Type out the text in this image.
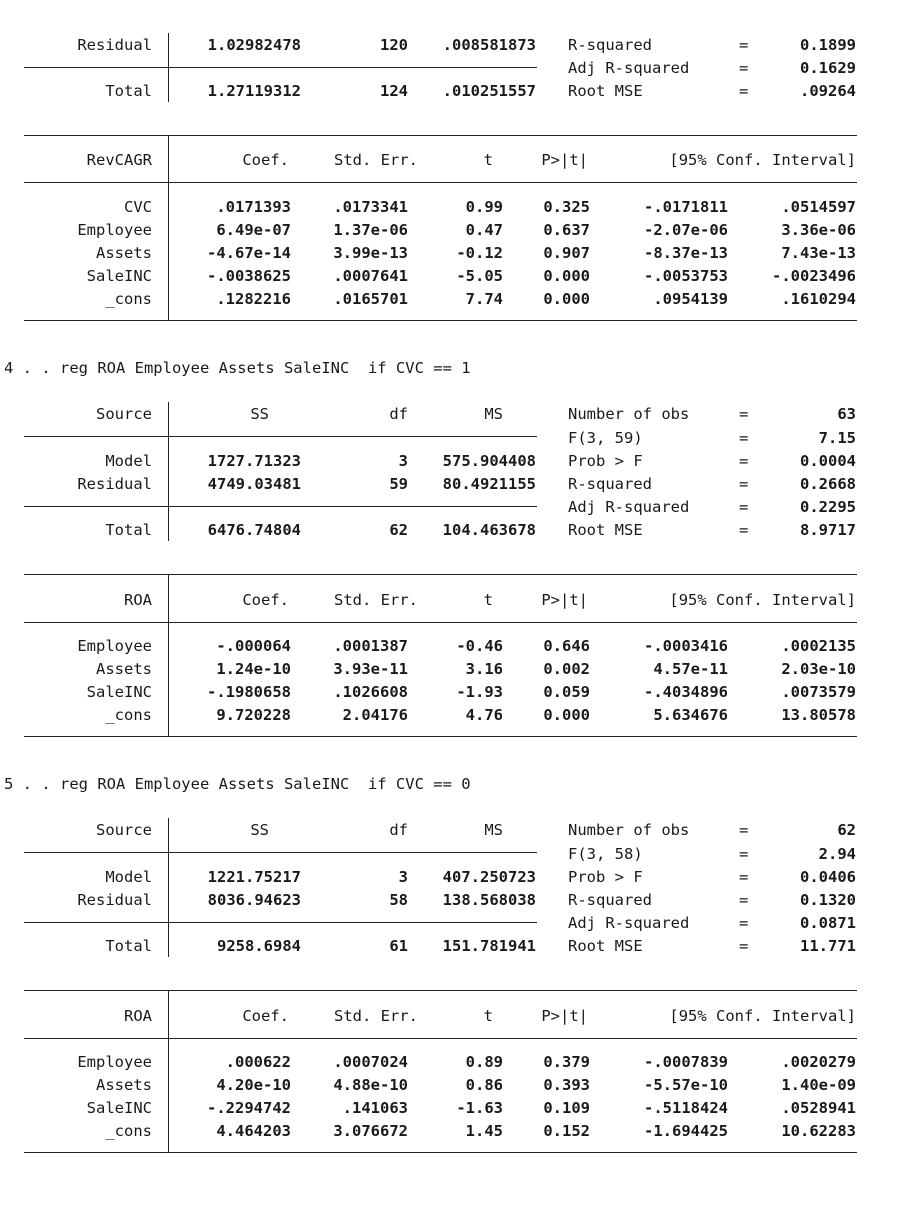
Residual	1.02982478	120	.008581873
Total	1.27119312	124	.010251557
R-squared	=	0.1899
Adj R-squared	=	0.1629
Root MSE	=	.09264
RevCAGR	Coef.	Std. Err.	t	P>|t|	[95% Conf. Interval]
CVC	.0171393	.0173341	0.99	0.325	-.0171811	.0514597
Employee	6.49e-07	1.37e-06	0.47	0.637	-2.07e-06	3.36e-06
Assets	-4.67e-14	3.99e-13	-0.12	0.907	-8.37e-13	7.43e-13
SaleINC	-.0038625	.0007641	-5.05	0.000	-.0053753	-.0023496
_cons	.1282216	.0165701	7.74	0.000	.0954139	.1610294
4 . . reg ROA Employee Assets SaleINC  if CVC == 1
Source	SS	df	MS
Model	1727.71323	3	575.904408
Residual	4749.03481	59	80.4921155
Total	6476.74804	62	104.463678
Number of obs	=	63
F(3, 59)	=	7.15
Prob > F	=	0.0004
R-squared	=	0.2668
Adj R-squared	=	0.2295
Root MSE	=	8.9717
ROA	Coef.	Std. Err.	t	P>|t|	[95% Conf. Interval]
Employee	-.000064	.0001387	-0.46	0.646	-.0003416	.0002135
Assets	1.24e-10	3.93e-11	3.16	0.002	4.57e-11	2.03e-10
SaleINC	-.1980658	.1026608	-1.93	0.059	-.4034896	.0073579
_cons	9.720228	2.04176	4.76	0.000	5.634676	13.80578
5 . . reg ROA Employee Assets SaleINC  if CVC == 0
Source	SS	df	MS
Model	1221.75217	3	407.250723
Residual	8036.94623	58	138.568038
Total	9258.6984	61	151.781941
Number of obs	=	62
F(3, 58)	=	2.94
Prob > F	=	0.0406
R-squared	=	0.1320
Adj R-squared	=	0.0871
Root MSE	=	11.771
ROA	Coef.	Std. Err.	t	P>|t|	[95% Conf. Interval]
Employee	.000622	.0007024	0.89	0.379	-.0007839	.0020279
Assets	4.20e-10	4.88e-10	0.86	0.393	-5.57e-10	1.40e-09
SaleINC	-.2294742	.141063	-1.63	0.109	-.5118424	.0528941
_cons	4.464203	3.076672	1.45	0.152	-1.694425	10.62283
